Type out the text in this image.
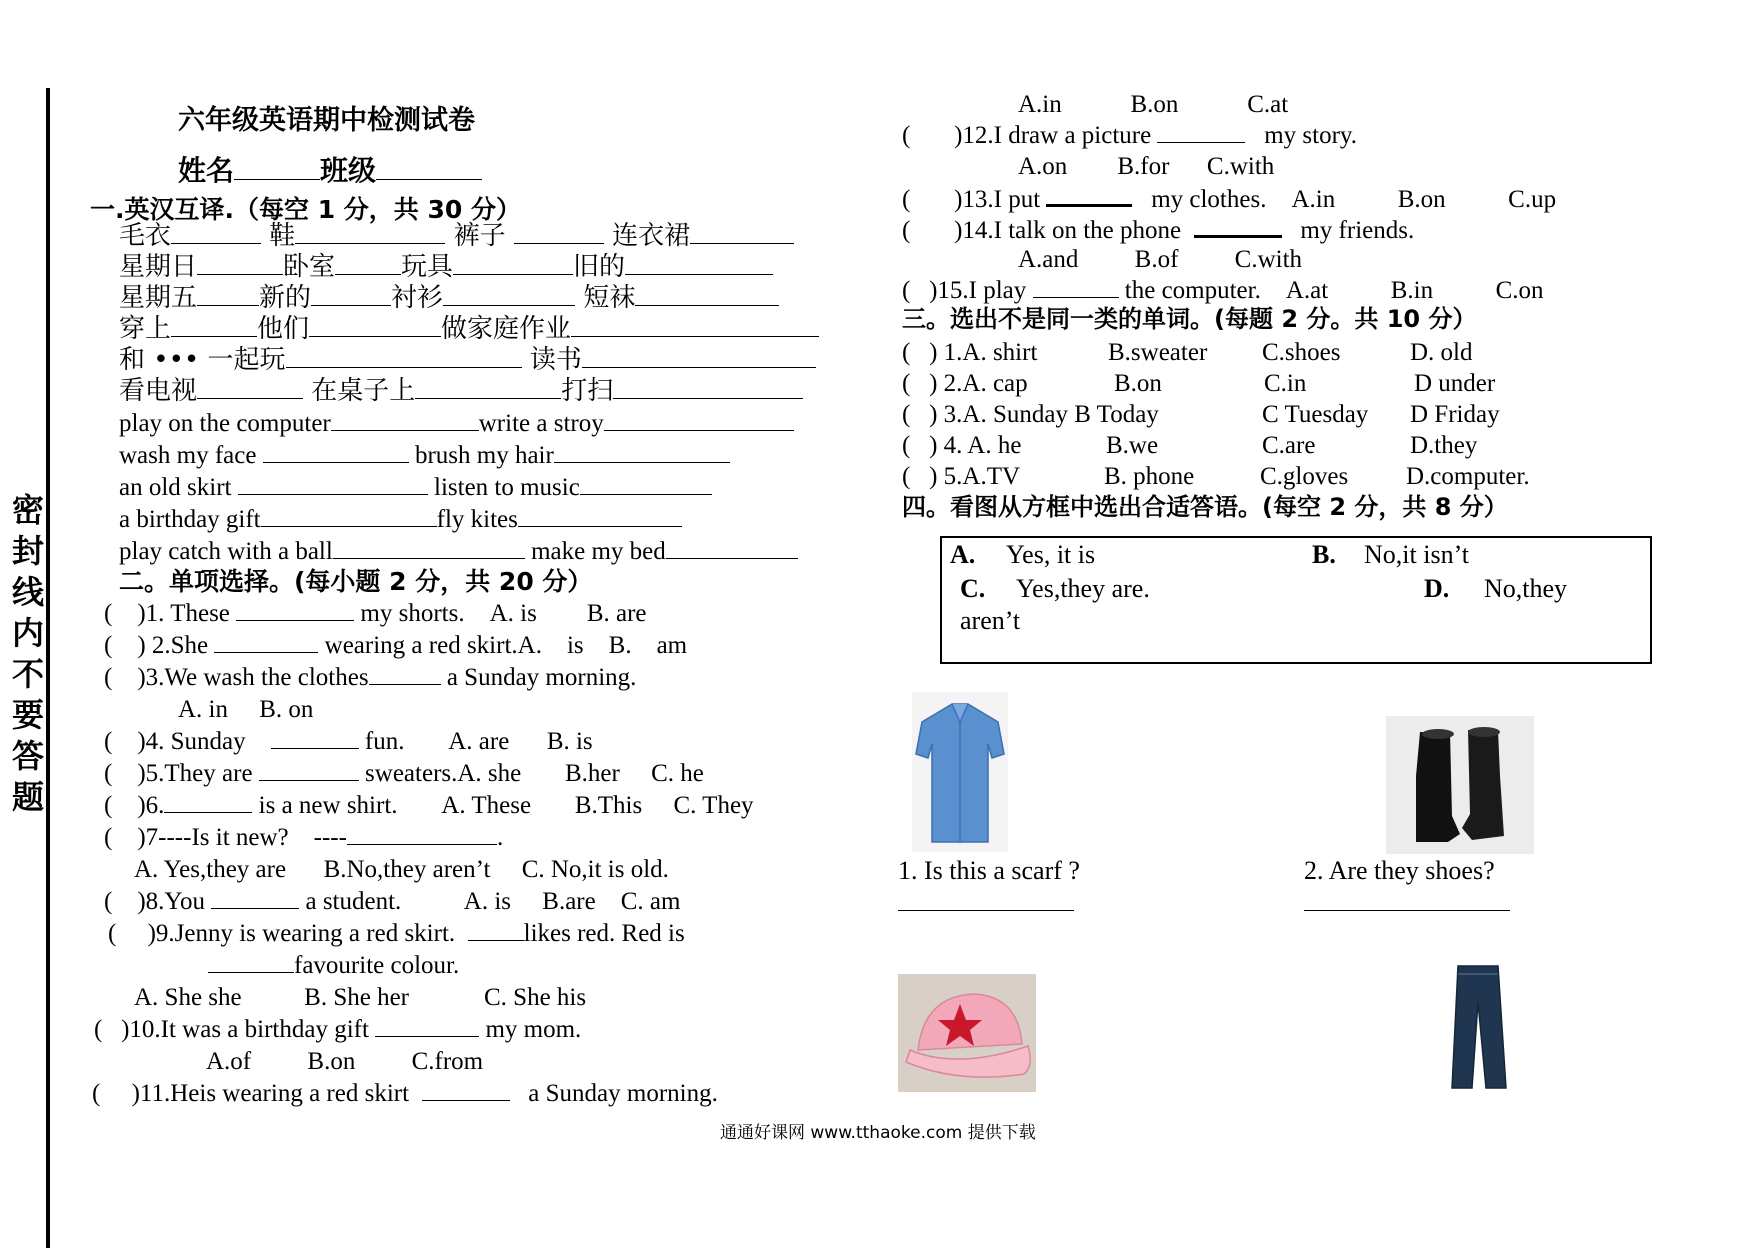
密
封
线
内
不
要
答
题
六年级英语期中检测试卷
姓名	班级
一.英汉互译.（每空 1 分，共 30 分）
毛衣	鞋	裤子	连衣裙
星期日	卧室	玩具	旧的
星期五 新的	衬衫	短袜
穿上	他们	做家庭作业
和 ••• 一起玩	读书
看电视	在桌子上	打扫
play on the computer	write a stroy
wash my face	brush my hair
an old skirt	listen to music
a birthday gift	fly kites
play catch with a ball	make my bed
二。单项选择。(每小题 2 分，共 20 分）
( )1. These	my shorts. A. is B. are
( ) 2.She	wearing a red skirt.A. is B. am
( )3.We wash the clothes	a Sunday morning.
A. in B. on
( )4. Sunday	fun. A. are B. is
( )5.They are	sweaters.A. she B.her C. he
( )6.	is a new shirt. A. These B.This C. They
( )7----Is it new? ----	.
A. Yes,they are B.No,they aren’t C. No,it is old.
( )8.You	a student.	A. is B.are C. am
( )9.Jenny is wearing a red skirt.	likes red. Red is
favourite colour.
A. She she	B. She her	C. She his
( )10.It was a birthday gift	my mom.
A.of B.on C.from
( )11.Heis wearing a red skirt	a Sunday morning.
A.in	B.on	C.at
( )12.I draw a picture	my story.
A.on B.for C.with
( )13.I put	my clothes. A.in	B.on	C.up
( )14.I talk on the phone	my friends.
A.and B.of C.with
( )15.I play	the computer. A.at	B.in	C.on
三。选出不是同一类的单词。(每题 2 分。共 10 分）
( ) 1.A. shirt	B.sweater C.shoes	D. old
( ) 2.A. cap	B.on	C.in	D under
( ) 3.A. Sunday B Today	C Tuesday D Friday
( ) 4. A. he	B.we	C.are	D.they
( ) 5.A.TV	B. phone	C.gloves D.computer.
四。看图从方框中选出合适答语。(每空 2 分，共 8 分）
A. Yes, it is	B. No,it isn’t
C. Yes,they are.	D. No,they
aren’t
1. Is this a scarf ?	2. Are they shoes?
通通好课网 www.tthaoke.com 提供下载
